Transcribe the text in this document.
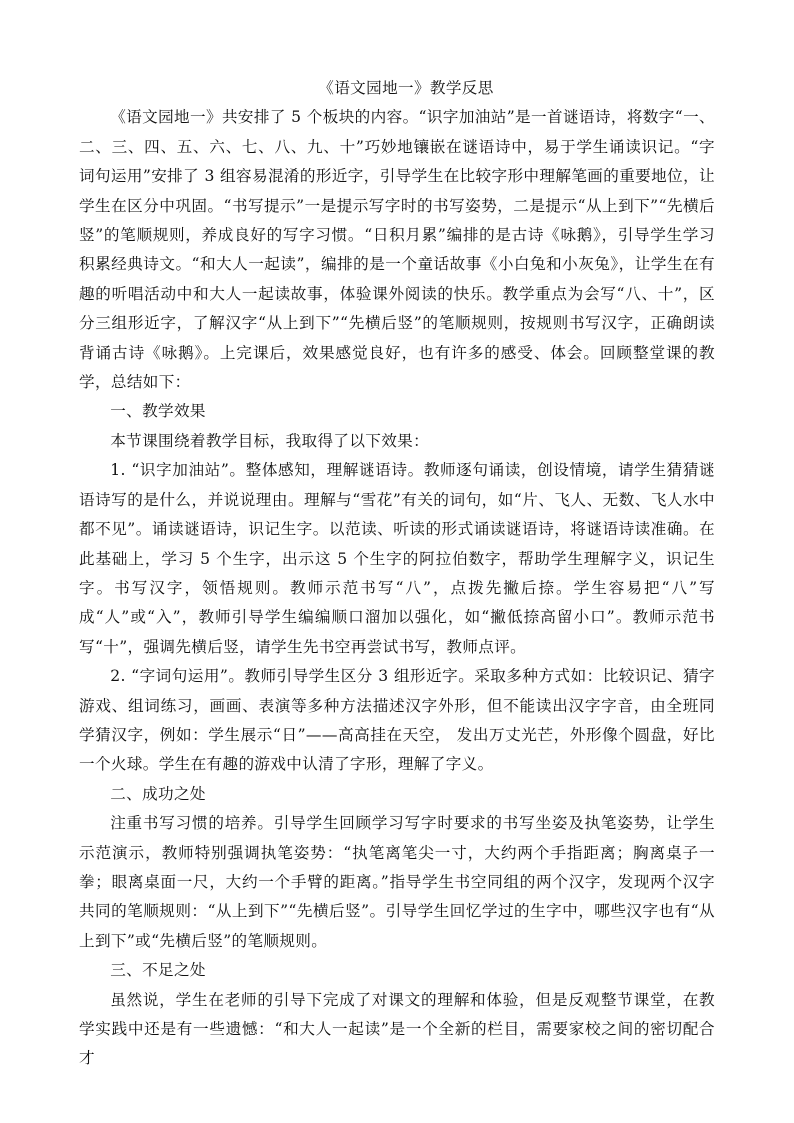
《语文园地一》教学反思

《语文园地一》共安排了 5 个板块的内容。“识字加油站”是一首谜语诗，将数字“一、二、三、四、五、六、七、八、九、十”巧妙地镶嵌在谜语诗中，易于学生诵读识记。“字词句运用”安排了 3 组容易混淆的形近字，引导学生在比较字形中理解笔画的重要地位，让学生在区分中巩固。“书写提示”一是提示写字时的书写姿势，二是提示“从上到下”“先横后竖”的笔顺规则，养成良好的写字习惯。“日积月累”编排的是古诗《咏鹅》，引导学生学习积累经典诗文。“和大人一起读”，编排的是一个童话故事《小白兔和小灰兔》，让学生在有趣的听唱活动中和大人一起读故事，体验课外阅读的快乐。教学重点为会写“八、十”，区分三组形近字，了解汉字“从上到下”“先横后竖”的笔顺规则，按规则书写汉字，正确朗读背诵古诗《咏鹅》。上完课后，效果感觉良好，也有许多的感受、体会。回顾整堂课的教学，总结如下：

一、教学效果

本节课围绕着教学目标，我取得了以下效果：

1. “识字加油站”。整体感知，理解谜语诗。教师逐句诵读，创设情境，请学生猜猜谜语诗写的是什么，并说说理由。理解与“雪花”有关的词句，如“片、飞人、无数、飞人水中都不见”。诵读谜语诗，识记生字。以范读、听读的形式诵读谜语诗，将谜语诗读准确。在此基础上，学习 5 个生字，出示这 5 个生字的阿拉伯数字，帮助学生理解字义，识记生字。书写汉字，领悟规则。教师示范书写“八”，点拨先撇后捺。学生容易把“八”写成“人”或“入”，教师引导学生编编顺口溜加以强化，如“撇低捺高留小口”。教师示范书写“十”，强调先横后竖，请学生先书空再尝试书写，教师点评。

2. “字词句运用”。教师引导学生区分 3 组形近字。采取多种方式如：比较识记、猜字游戏、组词练习，画画、表演等多种方法描述汉字外形，但不能读出汉字字音，由全班同学猜汉字，例如：学生展示“日”——高高挂在天空， 发出万丈光芒，外形像个圆盘，好比一个火球。学生在有趣的游戏中认清了字形，理解了字义。

二、成功之处

注重书写习惯的培养。引导学生回顾学习写字时要求的书写坐姿及执笔姿势，让学生示范演示，教师特别强调执笔姿势：“执笔离笔尖一寸，大约两个手指距离；胸离桌子一拳；眼离桌面一尺，大约一个手臂的距离。”指导学生书空同组的两个汉字，发现两个汉字共同的笔顺规则：“从上到下”“先横后竖”。引导学生回忆学过的生字中，哪些汉字也有“从上到下”或“先横后竖”的笔顺规则。

三、不足之处

虽然说，学生在老师的引导下完成了对课文的理解和体验，但是反观整节课堂，在教学实践中还是有一些遗憾：“和大人一起读”是一个全新的栏目，需要家校之间的密切配合才
